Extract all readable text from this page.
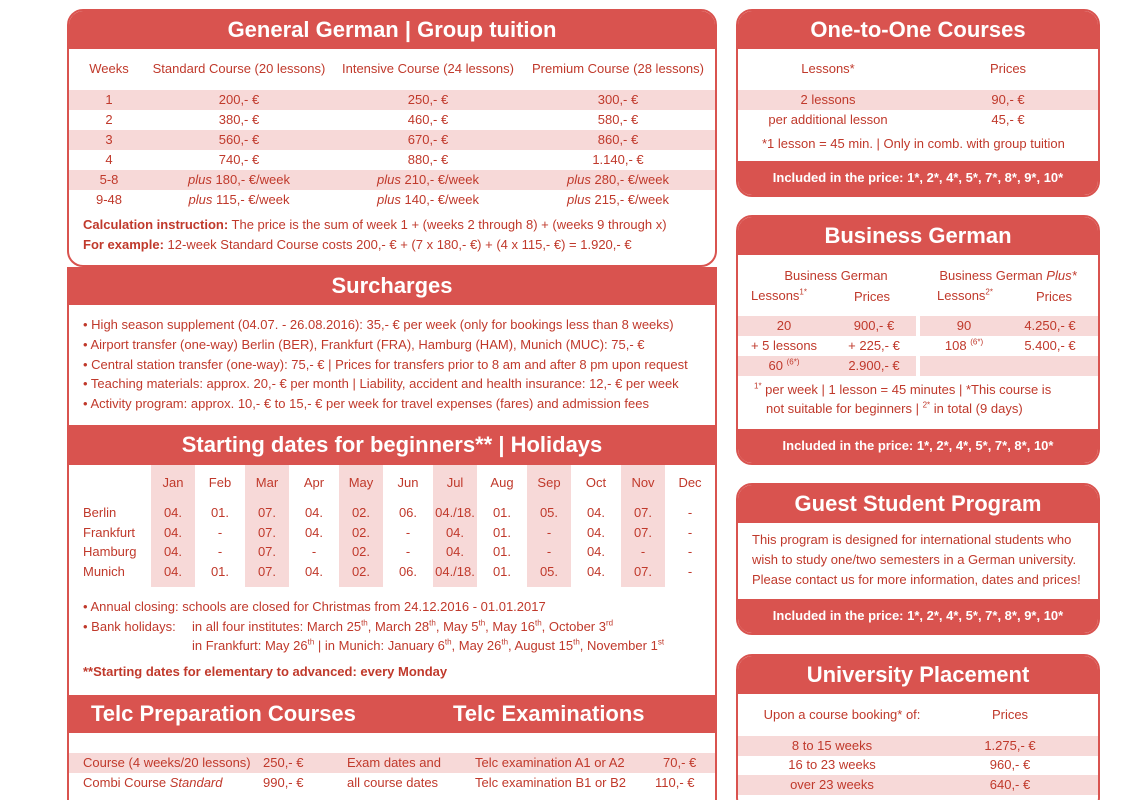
General German | Group tuition
Weeks	Standard Course (20 lessons)	Intensive Course (24 lessons)	Premium Course (28 lessons)
1	200,- €	250,- €	300,- €
2	380,- €	460,- €	580,- €
3	560,- €	670,- €	860,- €
4	740,- €	880,- €	1.140,- €
5-8	plus 180,- €/week	plus 210,- €/week	plus 280,- €/week
9-48	plus 115,- €/week	plus 140,- €/week	plus 215,- €/week
Calculation instruction: The price is the sum of week 1 + (weeks 2 through 8) + (weeks 9 through x)
For example: 12-week Standard Course costs 200,- € + (7 x 180,- €) + (4 x 115,- €) = 1.920,- €
Surcharges
• High season supplement (04.07. - 26.08.2016): 35,- € per week (only for bookings less than 8 weeks)
• Airport transfer (one-way) Berlin (BER), Frankfurt (FRA), Hamburg (HAM), Munich (MUC): 75,- €
• Central station transfer (one-way): 75,- € | Prices for transfers prior to 8 am and after 8 pm upon request
• Teaching materials: approx. 20,- € per month | Liability, accident and health insurance: 12,- € per week
• Activity program: approx. 10,- € to 15,- € per week for travel expenses (fares) and admission fees
Starting dates for beginners** | Holidays
Jan	Feb	Mar	Apr	May	Jun	Jul	Aug	Sep	Oct	Nov	Dec
Berlin	04.	01.	07.	04.	02.	06.	04./18.	01.	05.	04.	07.	-
Frankfurt	04.	-	07.	04.	02.	-	04.	01.	-	04.	07.	-
Hamburg	04.	-	07.	-	02.	-	04.	01.	-	04.	-	-
Munich	04.	01.	07.	04.	02.	06.	04./18.	01.	05.	04.	07.	-
• Annual closing: schools are closed for Christmas from 24.12.2016 - 01.01.2017
• Bank holidays: in all four institutes: March 25th, March 28th, May 5th, May 16th, October 3rd
in Frankfurt: May 26th | in Munich: January 6th, May 26th, August 15th, November 1st
**Starting dates for elementary to advanced: every Monday
Telc Preparation Courses	Telc Examinations
Course (4 weeks/20 lessons) 250,- €	Exam dates and	Telc examination A1 or A2	70,- €
Combi Course Standard	990,- €	all course dates	Telc examination B1 or B2 110,- €
One-to-One Courses
Lessons*	Prices
2 lessons	90,- €
per additional lesson	45,- €
*1 lesson = 45 min. | Only in comb. with group tuition
Included in the price: 1*, 2*, 4*, 5*, 7*, 8*, 9*, 10*
Business German
Business German	Business German Plus*
Lessons$^{1*}$	Prices	Lessons$^{2*}$	Prices
20	900,- €	90	4.250,- €
+ 5 lessons	+ 225,- €	108 $^{(6*)}$	5.400,- €
60 $^{(6*)}$	2.900,- €
$^{1*}$ per week | 1 lesson = 45 minutes | *This course is
not suitable for beginners | $^{2*}$ in total (9 days)
Included in the price: 1*, 2*, 4*, 5*, 7*, 8*, 10*
Guest Student Program
This program is designed for international students who
wish to study one/two semesters in a German university.
Please contact us for more information, dates and prices!
Included in the price: 1*, 2*, 4*, 5*, 7*, 8*, 9*, 10*
University Placement
Upon a course booking* of:	Prices
8 to 15 weeks	1.275,- €
16 to 23 weeks	960,- €
over 23 weeks	640,- €
